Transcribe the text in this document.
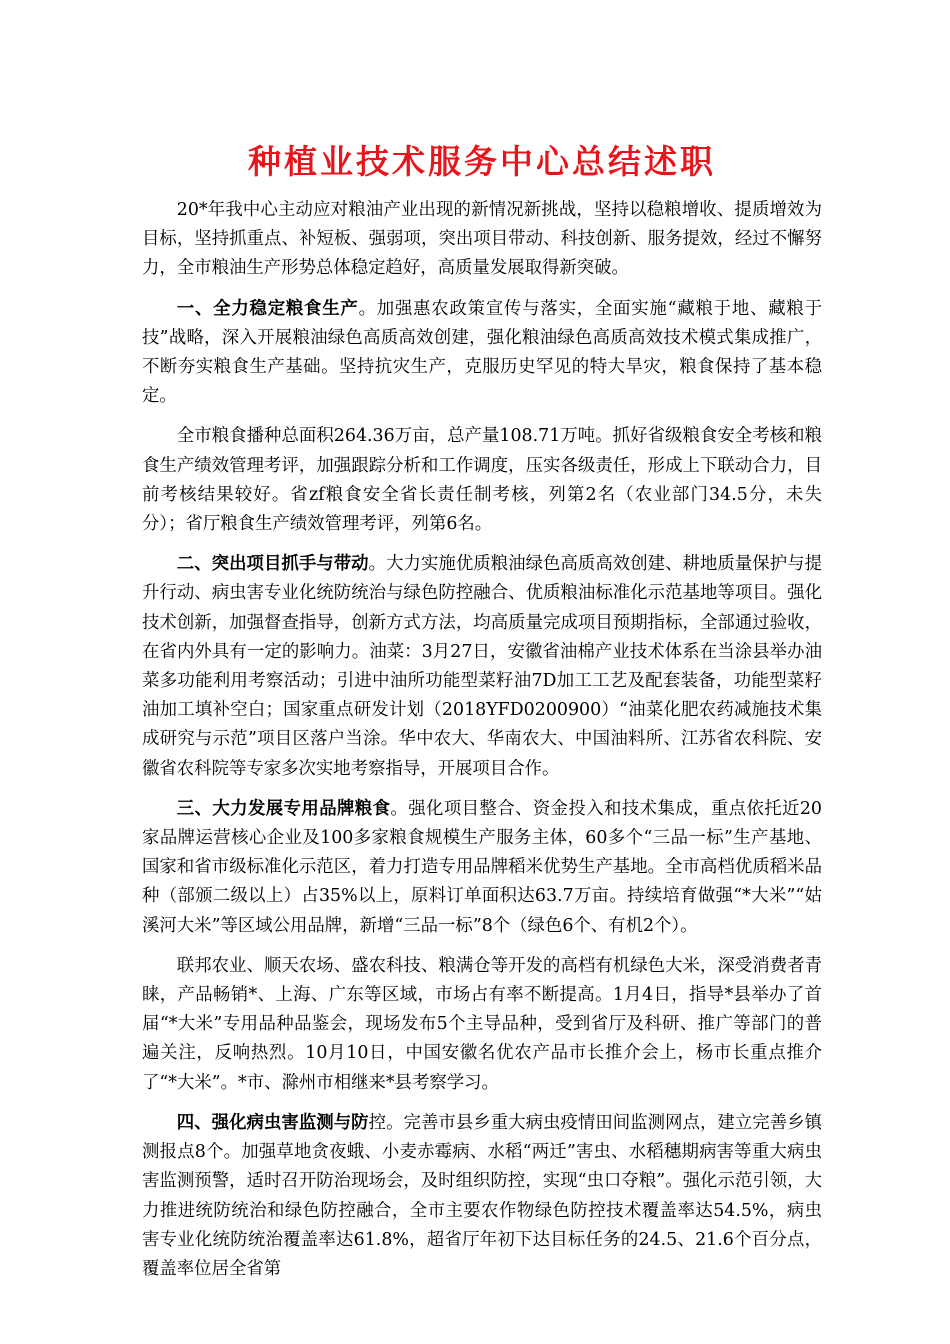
种植业技术服务中心总结述职

20*年我中心主动应对粮油产业出现的新情况新挑战，坚持以稳粮增收、提质增效为目标，坚持抓重点、补短板、强弱项，突出项目带动、科技创新、服务提效，经过不懈努力，全市粮油生产形势总体稳定趋好，高质量发展取得新突破。

一、全力稳定粮食生产。加强惠农政策宣传与落实，全面实施“藏粮于地、藏粮于技”战略，深入开展粮油绿色高质高效创建，强化粮油绿色高质高效技术模式集成推广，不断夯实粮食生产基础。坚持抗灾生产，克服历史罕见的特大旱灾，粮食保持了基本稳定。

全市粮食播种总面积264.36万亩，总产量108.71万吨。抓好省级粮食安全考核和粮食生产绩效管理考评，加强跟踪分析和工作调度，压实各级责任，形成上下联动合力，目前考核结果较好。省zf粮食安全省长责任制考核，列第2名（农业部门34.5分，未失分）；省厅粮食生产绩效管理考评，列第6名。

二、突出项目抓手与带动。大力实施优质粮油绿色高质高效创建、耕地质量保护与提升行动、病虫害专业化统防统治与绿色防控融合、优质粮油标准化示范基地等项目。强化技术创新，加强督查指导，创新方式方法，均高质量完成项目预期指标，全部通过验收，在省内外具有一定的影响力。油菜：3月27日，安徽省油棉产业技术体系在当涂县举办油菜多功能利用考察活动；引进中油所功能型菜籽油7D加工工艺及配套装备，功能型菜籽油加工填补空白；国家重点研发计划（2018YFD0200900）“油菜化肥农药减施技术集成研究与示范”项目区落户当涂。华中农大、华南农大、中国油料所、江苏省农科院、安徽省农科院等专家多次实地考察指导，开展项目合作。

三、大力发展专用品牌粮食。强化项目整合、资金投入和技术集成，重点依托近20家品牌运营核心企业及100多家粮食规模生产服务主体，60多个“三品一标”生产基地、国家和省市级标准化示范区，着力打造专用品牌稻米优势生产基地。全市高档优质稻米品种（部颁二级以上）占35%以上，原料订单面积达63.7万亩。持续培育做强“*大米”“姑溪河大米”等区域公用品牌，新增“三品一标”8个（绿色6个、有机2个）。

联邦农业、顺天农场、盛农科技、粮满仓等开发的高档有机绿色大米，深受消费者青睐，产品畅销*、上海、广东等区域，市场占有率不断提高。1月4日，指导*县举办了首届“*大米”专用品种品鉴会，现场发布5个主导品种，受到省厅及科研、推广等部门的普遍关注，反响热烈。10月10日，中国安徽名优农产品市长推介会上，杨市长重点推介了“*大米”。*市、滁州市相继来*县考察学习。

四、强化病虫害监测与防控。完善市县乡重大病虫疫情田间监测网点，建立完善乡镇测报点8个。加强草地贪夜蛾、小麦赤霉病、水稻“两迁”害虫、水稻穗期病害等重大病虫害监测预警，适时召开防治现场会，及时组织防控，实现“虫口夺粮”。强化示范引领，大力推进统防统治和绿色防控融合，全市主要农作物绿色防控技术覆盖率达54.5%，病虫害专业化统防统治覆盖率达61.8%，超省厅年初下达目标任务的24.5、21.6个百分点，覆盖率位居全省第
